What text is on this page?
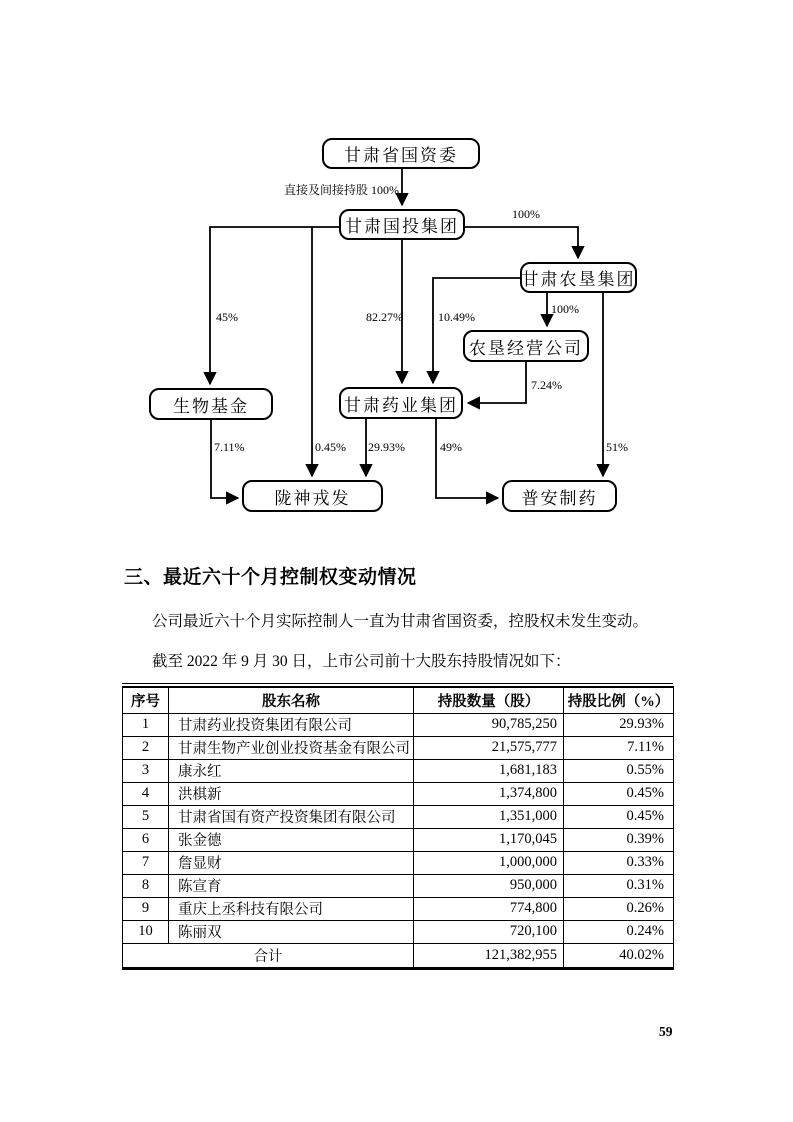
甘肃省国资委
甘肃国投集团
甘肃农垦集团
农垦经营公司
生物基金	甘肃药业集团
陇神戎发	普安制药
直接及间接持股 100%
100%
45%
0.45%
82.27%	10.49%
100%
7.24%
7.11%	29.93%	49%	51%
三、最近六十个月控制权变动情况
公司最近六十个月实际控制人一直为甘肃省国资委，控股权未发生变动。
截至 2022 年 9 月 30 日，上市公司前十大股东持股情况如下：
序号	股东名称	持股数量（股）	持股比例（%）
1	甘肃药业投资集团有限公司	90,785,250	29.93%
2	甘肃生物产业创业投资基金有限公司	21,575,777	7.11%
3	康永红	1,681,183	0.55%
4	洪棋新	1,374,800	0.45%
5	甘肃省国有资产投资集团有限公司	1,351,000	0.45%
6	张金德	1,170,045	0.39%
7	詹显财	1,000,000	0.33%
8	陈宣育	950,000	0.31%
9	重庆上丞科技有限公司	774,800	0.26%
10	陈丽双	720,100	0.24%
合计		121,382,955	40.02%
59
